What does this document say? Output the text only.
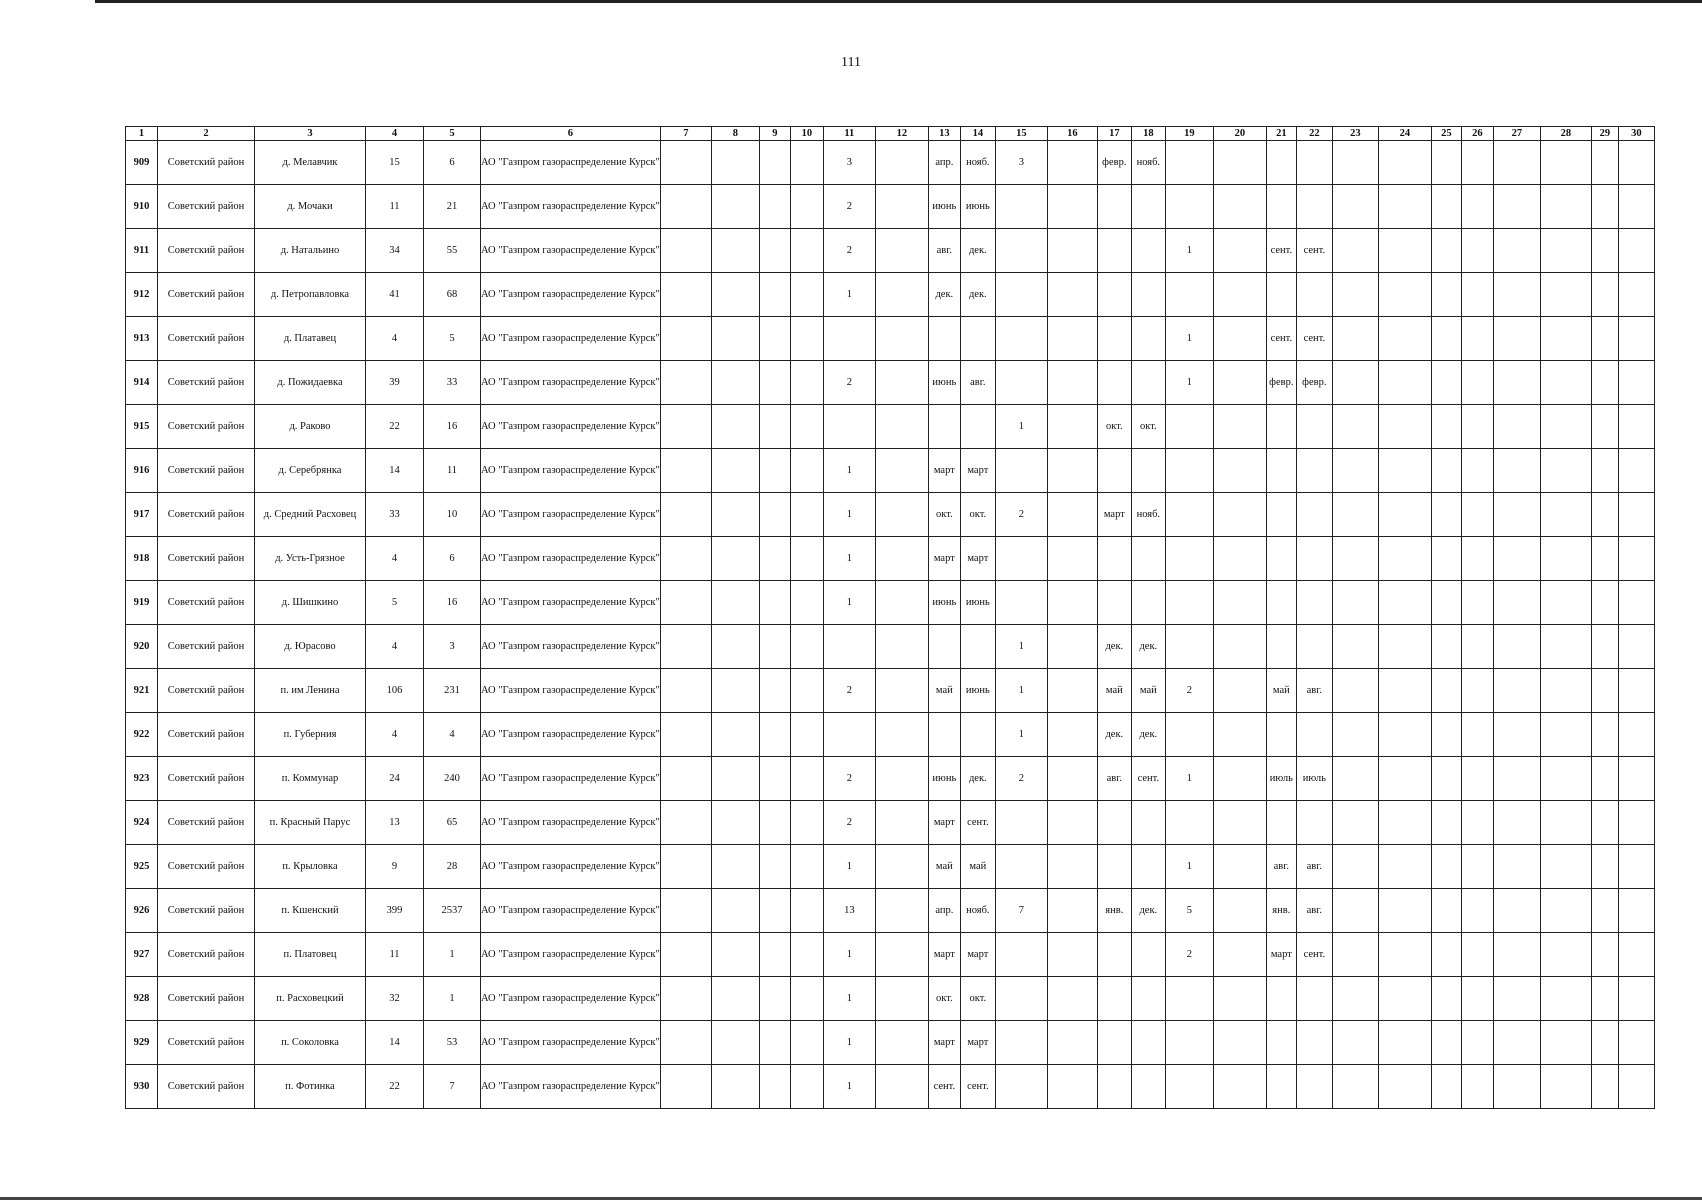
111
1	2	3	4	5	6	7	8	9	10	11	12	13	14	15	16	17	18	19	20	21	22	23	24	25	26	27	28	29	30
909	Советский район	д. Мелавчик	15	6	АО "Газпром газораспределение Курск"					3		апр.	нояб.	3		февр.	нояб.												
910	Советский район	д. Мочаки	11	21	АО "Газпром газораспределение Курск"					2		июнь	июнь																
911	Советский район	д. Натальино	34	55	АО "Газпром газораспределение Курск"					2		авг.	дек.					1		сент.	сент.								
912	Советский район	д. Петропавловка	41	68	АО "Газпром газораспределение Курск"					1		дек.	дек.																
913	Советский район	д. Платавец	4	5	АО "Газпром газораспределение Курск"													1		сент.	сент.								
914	Советский район	д. Пожидаевка	39	33	АО "Газпром газораспределение Курск"					2		июнь	авг.					1		февр.	февр.								
915	Советский район	д. Раково	22	16	АО "Газпром газораспределение Курск"									1		окт.	окт.												
916	Советский район	д. Серебрянка	14	11	АО "Газпром газораспределение Курск"					1		март	март																
917	Советский район	д. Средний Расховец	33	10	АО "Газпром газораспределение Курск"					1		окт.	окт.	2		март	нояб.												
918	Советский район	д. Усть-Грязное	4	6	АО "Газпром газораспределение Курск"					1		март	март																
919	Советский район	д. Шишкино	5	16	АО "Газпром газораспределение Курск"					1		июнь	июнь																
920	Советский район	д. Юрасово	4	3	АО "Газпром газораспределение Курск"									1		дек.	дек.												
921	Советский район	п. им Ленина	106	231	АО "Газпром газораспределение Курск"					2		май	июнь	1		май	май	2		май	авг.								
922	Советский район	п. Губерния	4	4	АО "Газпром газораспределение Курск"									1		дек.	дек.												
923	Советский район	п. Коммунар	24	240	АО "Газпром газораспределение Курск"					2		июнь	дек.	2		авг.	сент.	1		июль	июль								
924	Советский район	п. Красный Парус	13	65	АО "Газпром газораспределение Курск"					2		март	сент.																
925	Советский район	п. Крыловка	9	28	АО "Газпром газораспределение Курск"					1		май	май					1		авг.	авг.								
926	Советский район	п. Кшенский	399	2537	АО "Газпром газораспределение Курск"					13		апр.	нояб.	7		янв.	дек.	5		янв.	авг.								
927	Советский район	п. Платовец	11	1	АО "Газпром газораспределение Курск"					1		март	март					2		март	сент.								
928	Советский район	п. Расховецкий	32	1	АО "Газпром газораспределение Курск"					1		окт.	окт.																
929	Советский район	п. Соколовка	14	53	АО "Газпром газораспределение Курск"					1		март	март																
930	Советский район	п. Фотинка	22	7	АО "Газпром газораспределение Курск"					1		сент.	сент.																
